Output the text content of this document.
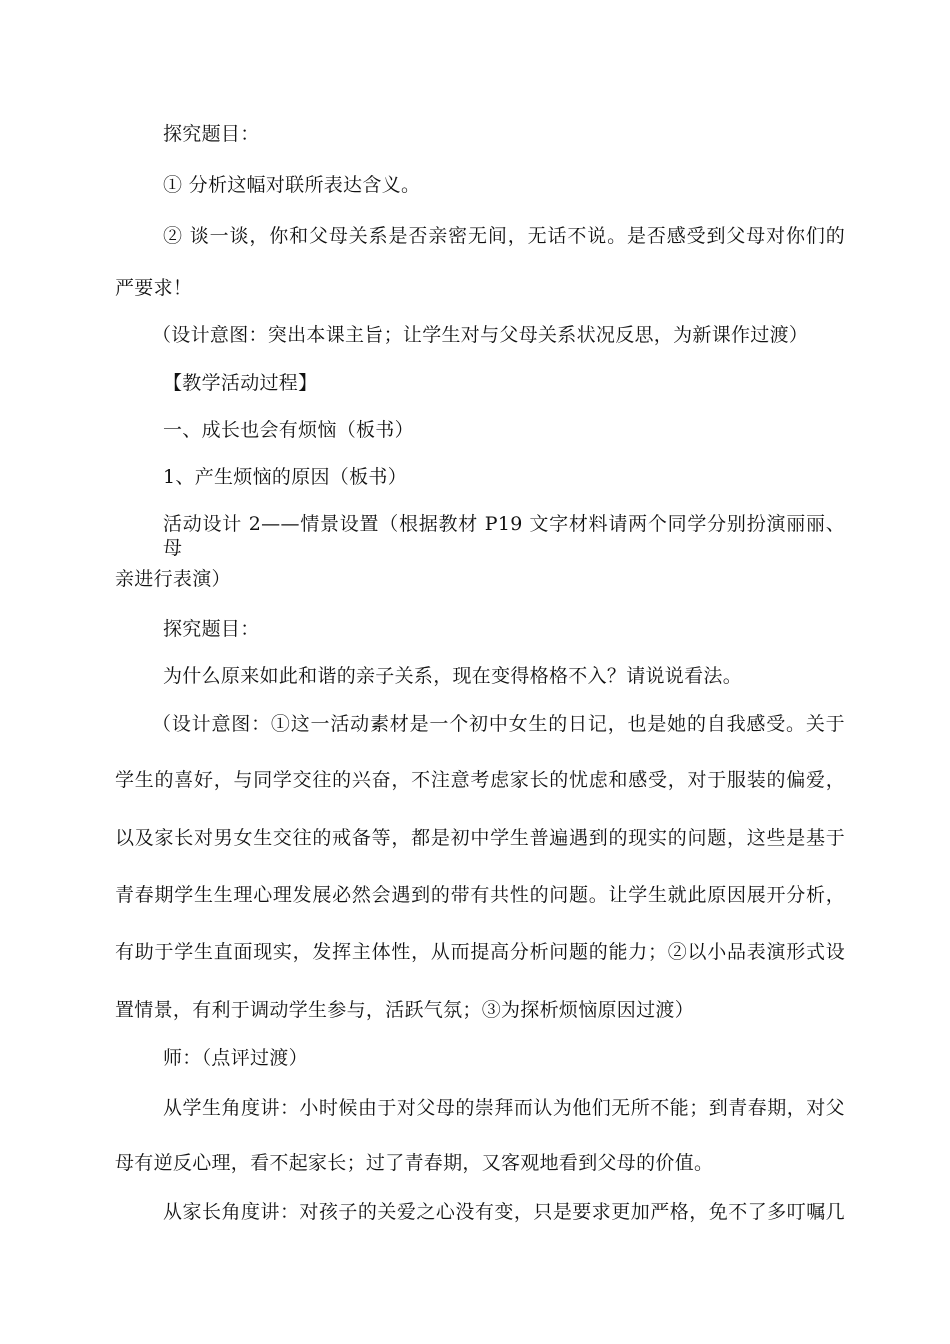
探究题目：
① 分析这幅对联所表达含义。
② 谈一谈，你和父母关系是否亲密无间，无话不说。是否感受到父母对你们的
严要求！
（设计意图：突出本课主旨；让学生对与父母关系状况反思，为新课作过渡）
【教学活动过程】
一、成长也会有烦恼（板书）
1、产生烦恼的原因（板书）
活动设计 2——情景设置（根据教材 P19 文字材料请两个同学分别扮演丽丽、母
亲进行表演）
探究题目：
为什么原来如此和谐的亲子关系，现在变得格格不入？请说说看法。
（设计意图：①这一活动素材是一个初中女生的日记，也是她的自我感受。关于
学生的喜好，与同学交往的兴奋，不注意考虑家长的忧虑和感受，对于服装的偏爱，
以及家长对男女生交往的戒备等，都是初中学生普遍遇到的现实的问题，这些是基于
青春期学生生理心理发展必然会遇到的带有共性的问题。让学生就此原因展开分析，
有助于学生直面现实，发挥主体性，从而提高分析问题的能力；②以小品表演形式设
置情景，有利于调动学生参与，活跃气氛；③为探析烦恼原因过渡）
师：（点评过渡）
从学生角度讲：小时候由于对父母的崇拜而认为他们无所不能；到青春期，对父
母有逆反心理，看不起家长；过了青春期，又客观地看到父母的价值。
从家长角度讲：对孩子的关爱之心没有变，只是要求更加严格，免不了多叮嘱几
